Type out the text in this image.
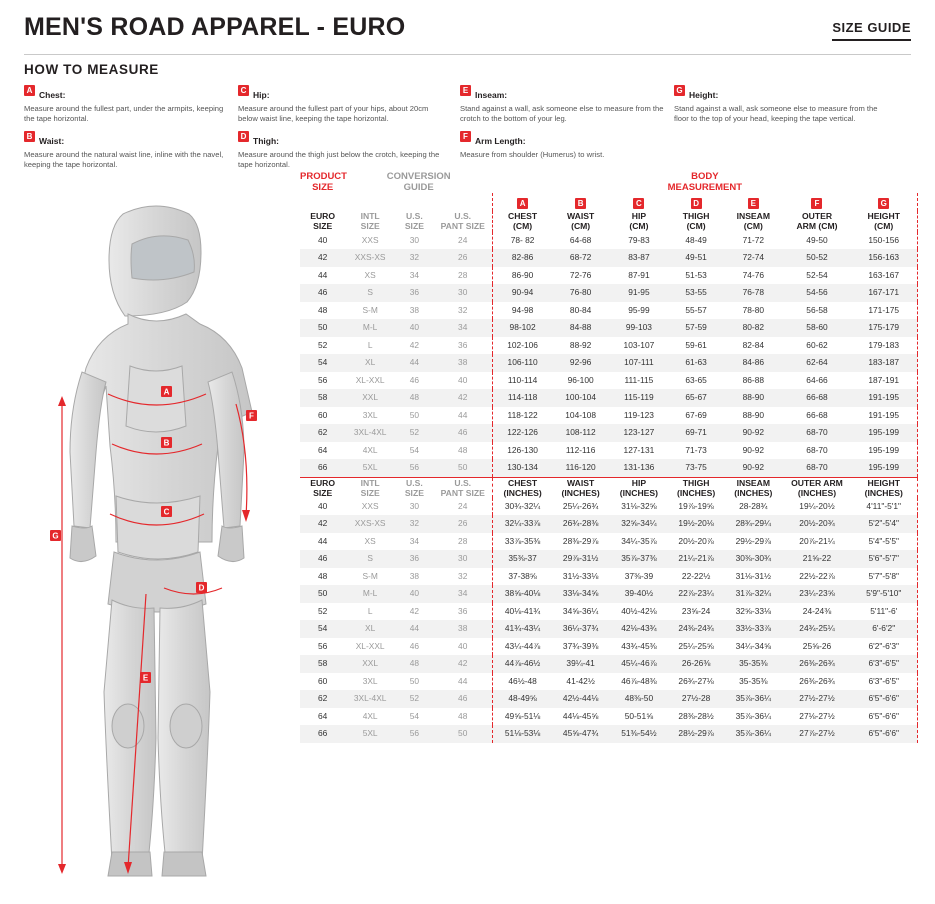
MEN'S ROAD APPAREL - EURO	SIZE GUIDE
HOW TO MEASURE
A Chest:

Measure around the fullest part, under the armpits, keeping the tape horizontal.

B Waist:

Measure around the natural waist line, inline with the navel, keeping the tape horizontal.

C Hip:

Measure around the fullest part of your hips, about 20cm below waist line, keeping the tape horizontal.

D Thigh:

Measure around the thigh just below the crotch, keeping the tape horizontal.

E Inseam:

Stand against a wall, ask someone else to measure from the crotch to the bottom of your leg.

F Arm Length:

Measure from shoulder (Humerus) to wrist.

G Height:

Stand against a wall, ask someone else to measure from the floor to the top of your head, keeping the tape vertical.

A
B
C
D
E
F
G
PRODUCT
SIZE	CONVERSION
GUIDE			BODY
MEASUREMENT						
				A	B	C	D	E	F	G
EURO
SIZE	INTL
SIZE	U.S.
SIZE	U.S.
PANT SIZE	CHEST
(CM)	WAIST
(CM)	HIP
(CM)	THIGH
(CM)	INSEAM
(CM)	OUTER
ARM (CM)	HEIGHT
(CM)
40	XXS	30	24	78- 82	64-68	79-83	48-49	71-72	49-50	150-156
42	XXS-XS	32	26	82-86	68-72	83-87	49-51	72-74	50-52	156-163
44	XS	34	28	86-90	72-76	87-91	51-53	74-76	52-54	163-167
46	S	36	30	90-94	76-80	91-95	53-55	76-78	54-56	167-171
48	S-M	38	32	94-98	80-84	95-99	55-57	78-80	56-58	171-175
50	M-L	40	34	98-102	84-88	99-103	57-59	80-82	58-60	175-179
52	L	42	36	102-106	88-92	103-107	59-61	82-84	60-62	179-183
54	XL	44	38	106-110	92-96	107-111	61-63	84-86	62-64	183-187
56	XL-XXL	46	40	110-114	96-100	111-115	63-65	86-88	64-66	187-191
58	XXL	48	42	114-118	100-104	115-119	65-67	88-90	66-68	191-195
60	3XL	50	44	118-122	104-108	119-123	67-69	88-90	66-68	191-195
62	3XL-4XL	52	46	122-126	108-112	123-127	69-71	90-92	68-70	195-199
64	4XL	54	48	126-130	112-116	127-131	71-73	90-92	68-70	195-199
66	5XL	56	50	130-134	116-120	131-136	73-75	90-92	68-70	195-199
EURO
SIZE	INTL
SIZE	U.S.
SIZE	U.S.
PANT SIZE	CHEST
(INCHES)	WAIST
(INCHES)	HIP
(INCHES)	THIGH
(INCHES)	INSEAM
(INCHES)	OUTER ARM
(INCHES)	HEIGHT
(INCHES)
40	XXS	30	24	30¾-32¼	25¼-26¾	31⅛-32⅝	19⅞-19⅝	28-28¾	19¼-20½	4'11"-5'1"
42	XXS-XS	32	26	32¼-33⅞	26¾-28⅜	32⅝-34¼	19½-20⅛	28¾-29¼	20½-20¾	5'2"-5'4"
44	XS	34	28	33⅞-35⅜	28⅜-29⅞	34¼-35⅞	20½-20⅞	29½-29⅞	20⅞-21¼	5'4"-5'5"
46	S	36	30	35⅜-37	29⅞-31½	35⅞-37⅜	21¼-21⅞	30⅜-30¾	21⅝-22	5'6"-5'7"
48	S-M	38	32	37-38⅝	31½-33⅛	37⅜-39	22-22½	31⅛-31½	22½-22⅞	5'7"-5'8"
50	M-L	40	34	38⅝-40⅛	33⅛-34⅝	39-40½	22⅞-23¼	31⅞-32¼	23¼-23⅝	5'9"-5'10"
52	L	42	36	40⅛-41¾	34⅝-36¼	40½-42⅛	23⅝-24	32⅝-33⅛	24-24⅜	5'11"-6'
54	XL	44	38	41¾-43¼	36¼-37¾	42⅛-43¾	24⅜-24¾	33½-33⅞	24¾-25¼	6'-6'2"
56	XL-XXL	46	40	43¼-44⅞	37¾-39⅜	43¾-45⅜	25¼-25⅝	34¼-34⅝	25⅝-26	6'2"-6'3"
58	XXL	48	42	44⅞-46½	39¼-41	45¼-46⅞	26-26⅜	35-35⅜	26⅜-26¾	6'3"-6'5"
60	3XL	50	44	46½-48	41-42½	46⅞-48⅜	26¾-27⅛	35-35⅜	26⅜-26¾	6'3"-6'5"
62	3XL-4XL	52	46	48-49⅝	42½-44⅛	48⅜-50	27½-28	35⅞-36¼	27½-27½	6'5"-6'6"
64	4XL	54	48	49⅝-51⅛	44⅛-45⅝	50-51⅝	28⅜-28½	35⅞-36¼	27⅛-27½	6'5"-6'6"
66	5XL	56	50	51⅛-53⅛	45⅝-47¾	51⅜-54½	28½-29⅞	35⅞-36¼	27⅞-27½	6'5"-6'6"
